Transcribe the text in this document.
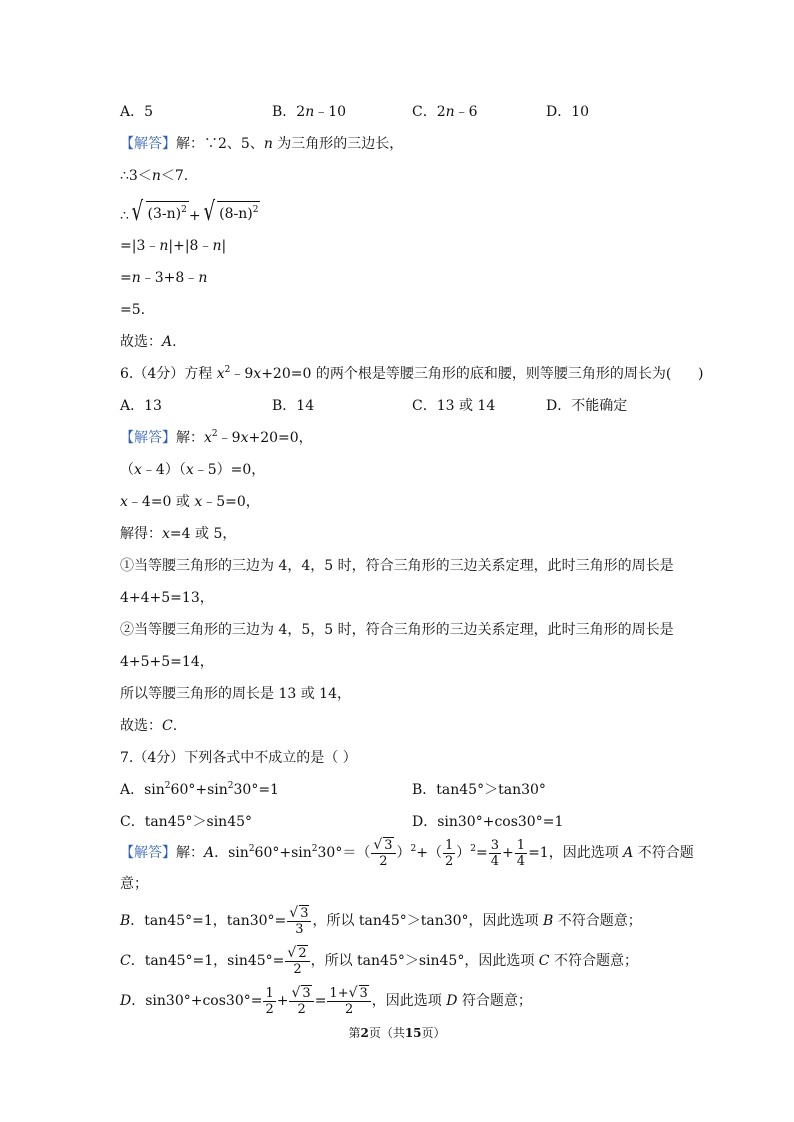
A．5	B．2n﹣10	C．2n﹣6	D．10
【解答】解：∵2、5、n 为三角形的三边长，
∴3＜n＜7.
∴ √ $(3-n)^2$ + √ $(8-n)^2$
=|3﹣n|+|8﹣n|
=n﹣3+8﹣n
=5.
故选：A.
6.（4分）方程 $x^2﹣9x+20=0$ 的两个根是等腰三角形的底和腰，则等腰三角形的周长为(      )
A．13	B．14	C．13 或 14	D．不能确定
【解答】解：$x^2﹣9x+20=0$，
（x﹣4）（x﹣5）=0，
x﹣4=0 或 x﹣5=0，
解得：x=4 或 5，
①当等腰三角形的三边为 4，4，5 时，符合三角形的三边关系定理，此时三角形的周长是
4+4+5=13，
②当等腰三角形的三边为 4，5，5 时，符合三角形的三边关系定理，此时三角形的周长是
4+5+5=14，
所以等腰三角形的周长是 13 或 14，
故选：C.
7.（4分）下列各式中不成立的是（ ）
A．$\sin^260^\circ+\sin^230^\circ=1$	B．tan45°＞tan30°
C．tan45°＞sin45°	D．sin30°+cos30°=1
【解答】解：A．$\sin^260^\circ+\sin^230^\circ=( \frac{√ 3}{2} )^2+( \frac{1}{2} )^2= \frac{3}{4} + \frac{1}{4} =1$，因此选项 A 不符合题
意；
B．tan45°=1，$\tan 30^\circ= \frac{√ 3}{3}$ ，所以 tan45°＞tan30°，因此选项 B 不符合题意；
C．tan45°=1，$\sin 45^\circ= \frac{√ 2}{2}$ ，所以 tan45°＞sin45°，因此选项 C 不符合题意；
D．$\sin 30^\circ+\cos 30^\circ= \frac{1}{2} + \frac{√ 3}{2} = \frac{1+√ 3}{2}$ ，因此选项 D 符合题意；
第2页（共15页）
